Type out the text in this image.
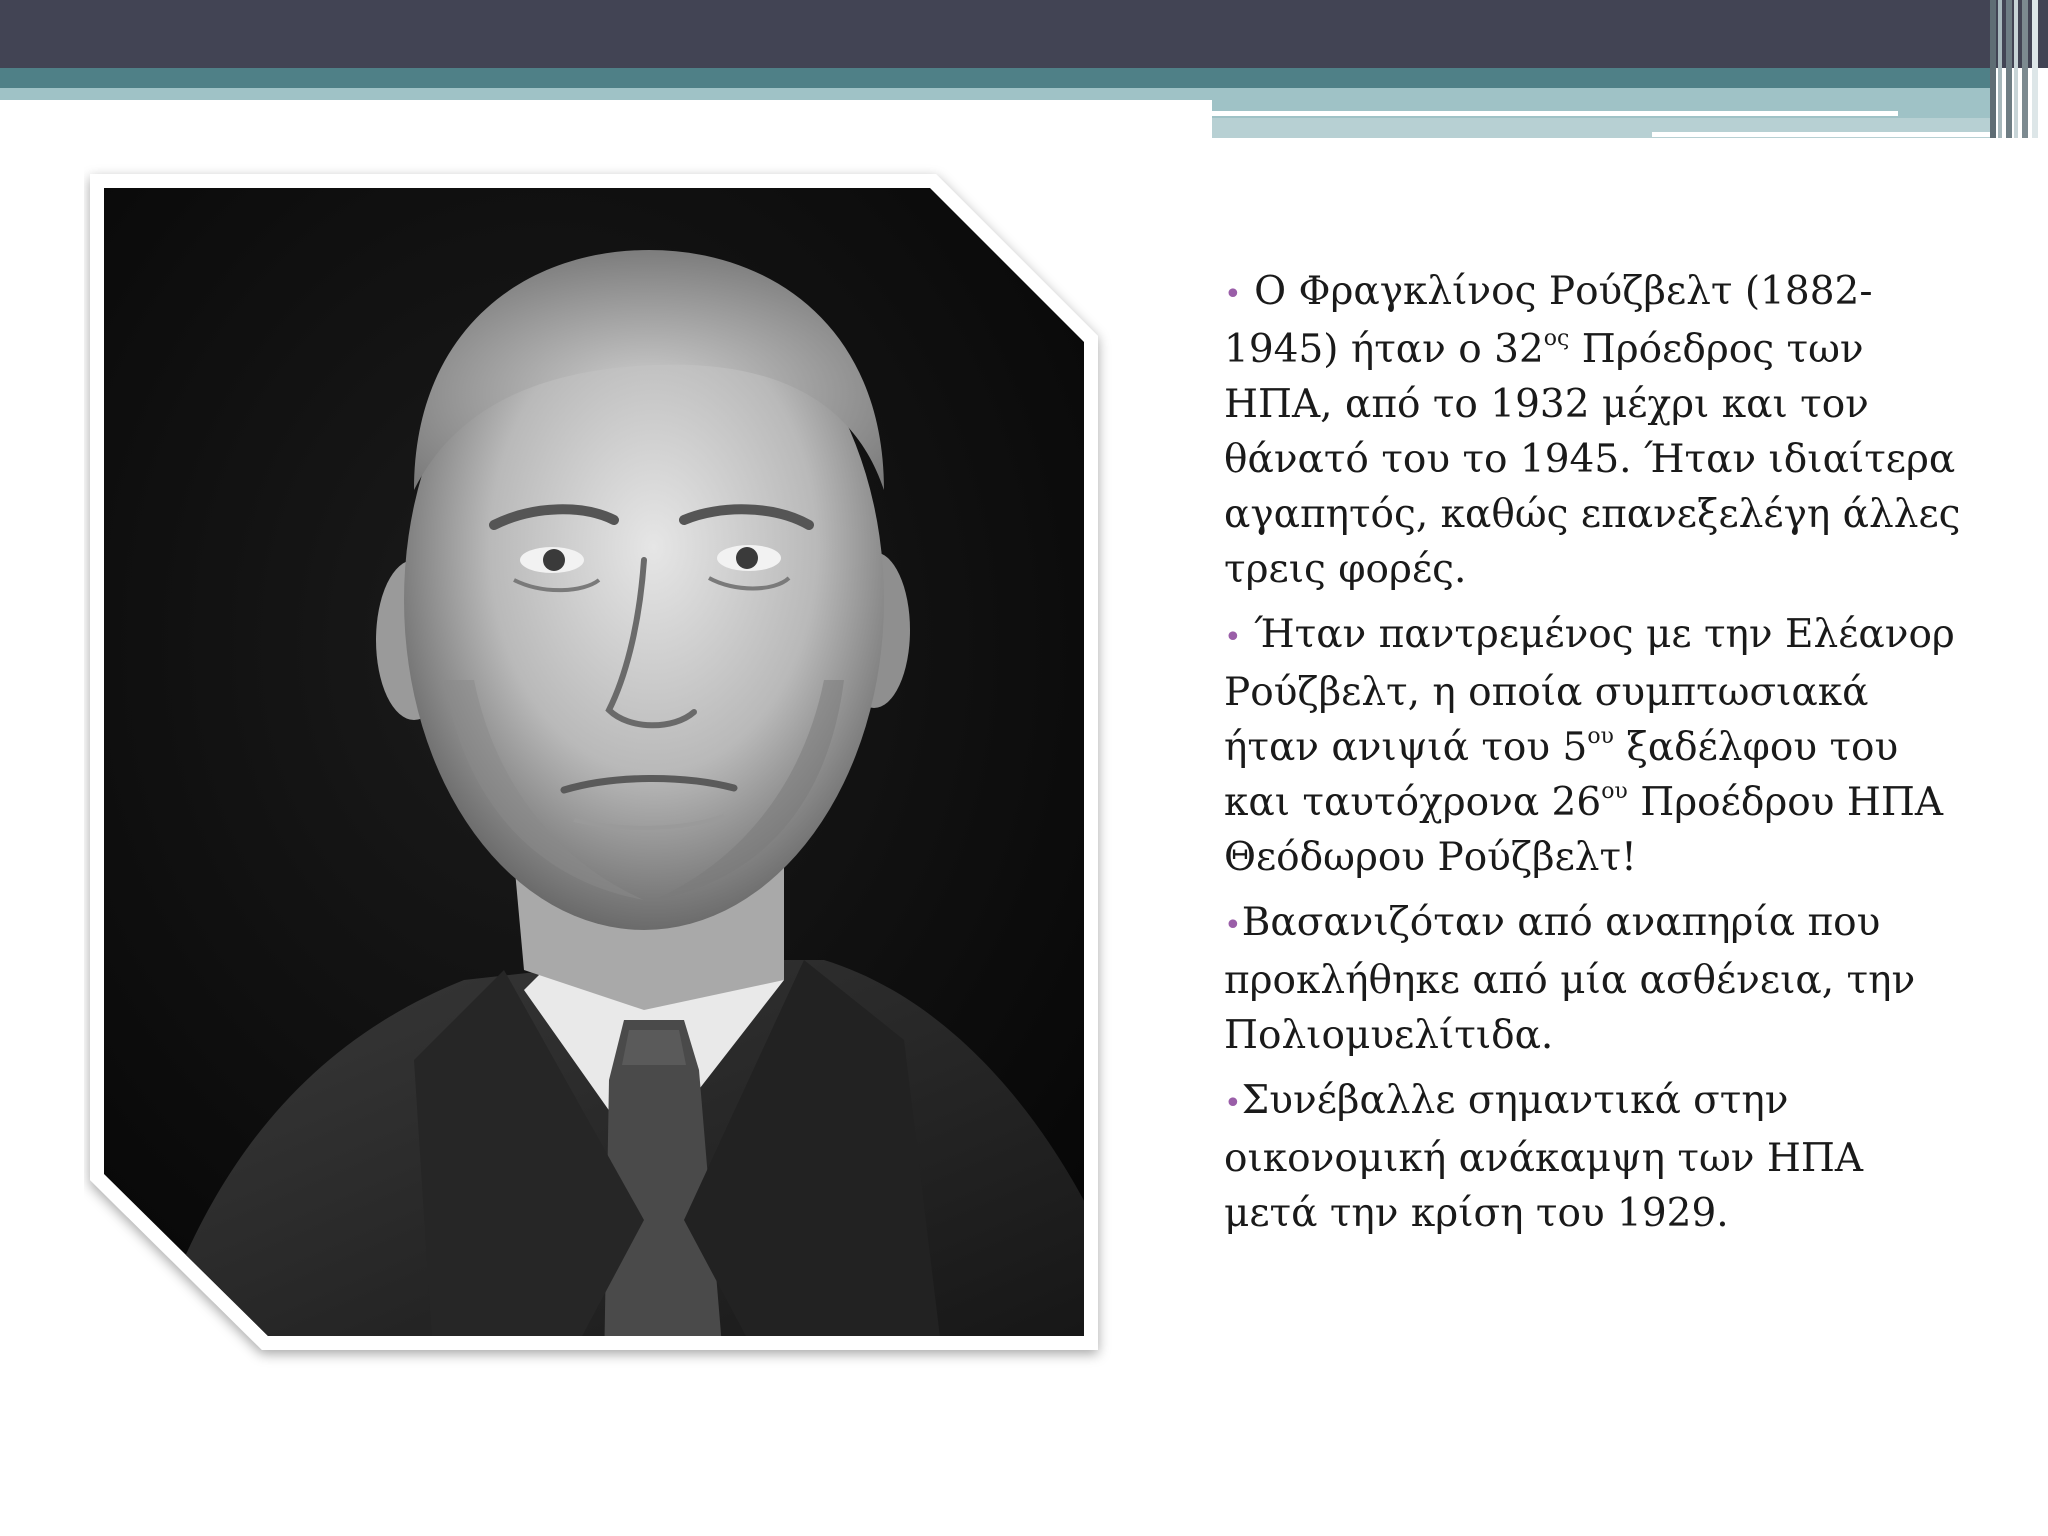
• Ο Φραγκλίνος Ρούζβελτ (1882-1945) ήταν ο $32^{o\varsigma}$ Πρόεδρος των ΗΠΑ, από το 1932 μέχρι και τον θάνατό του το 1945. Ήταν ιδιαίτερα αγαπητός, καθώς επανεξελέγη άλλες τρεις φορές.

• Ήταν παντρεμένος με την Ελέανορ Ρούζβελτ, η οποία συμπτωσιακά ήταν ανιψιά του $5^{o\upsilon}$ ξαδέλφου του και ταυτόχρονα $26^{o\upsilon}$ Προέδρου ΗΠΑ Θεόδωρου Ρούζβελτ!

•Βασανιζόταν από αναπηρία που προκλήθηκε από μία ασθένεια, την Πολιομυελίτιδα.

•Συνέβαλλε σημαντικά στην οικονομική ανάκαμψη των ΗΠΑ μετά την κρίση του 1929.
